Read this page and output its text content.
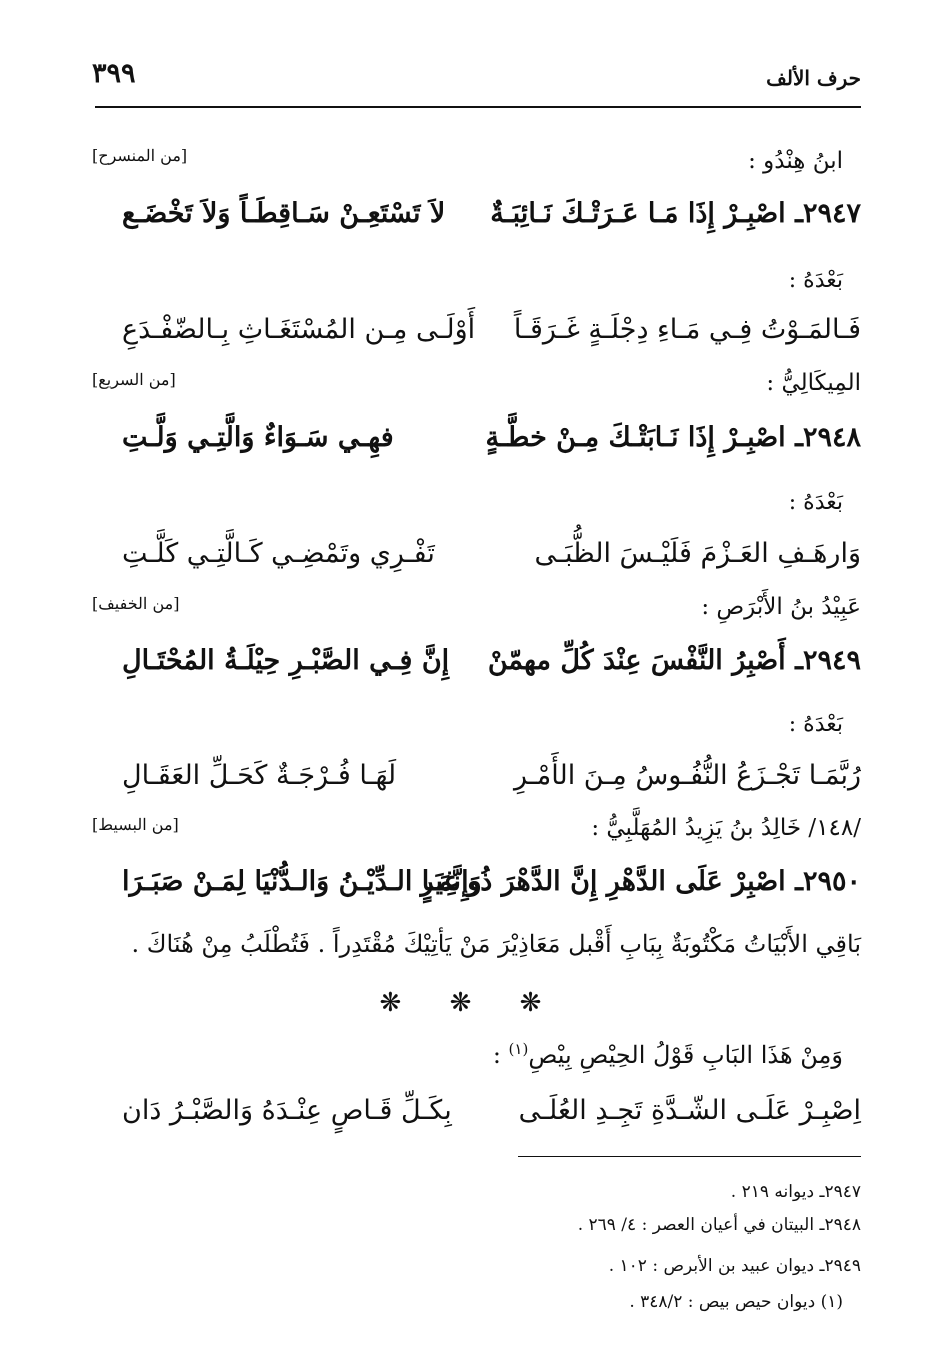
٣٩٩	حرف الألف
ابنُ هِنْدُو :
[من المنسرح]
٢٩٤٧ـ اصْبِـرْ إِذَا مَـا عَـرَتْـكَ نَـائِبَـةٌ
لاَ تَسْتَعِـنْ سَـاقِطَـاً وَلاَ تَخْضَـع
بَعْدَهُ :
فَـالمَـوْتُ فِـي مَـاءِ دِجْلَـةٍ غَـرَقَـاً
أَوْلَـى مِـن المُسْتَغَـاثِ بِـالضّفْـدَعِ
المِيكَالِيُّ :
[من السريع]
٢٩٤٨ـ اصْبِـرْ إِذَا نَـابَتْـكَ مِـنْ خطَّـةٍ
فهِـي سَـوَاءٌ وَالَّتِـي وَلَّـتِ
بَعْدَهُ :
وَارهَـفِ العَـزْمَ فَلَيْـسَ الظُّبَـى
تَفْـرِي وتَمْضِـي كَـالَّتِـي كَلَّـتِ
عَبِيْدُ بنُ الأَبْرَصِ :
[من الخفيف]
٢٩٤٩ـ أَصْبِرُ النَّفْسَ عِنْدَ كُلِّ مهمّنْ
إِنَّ فِـي الصَّبْـرِ حِيْلَـةُ المُحْتَـالِ
بَعْدَهُ :
رُبَّمَـا تَجْـزَعُ النُّفُـوسُ مِـنَ الأَمْـرِ
لَهَـا فُـرْجَـةٌ كَحَـلِّ العَقَـالِ
/١٤٨/ خَالِدُ بنُ يَزِيدُ المُهَلَّبِيُّ :
[من البسيط]
٢٩٥٠ـ اصْبِرْ عَلَى الدَّهْرِ إِنَّ الدَّهْرَ ذُو غِيَرٍ
وَإِنَّمَـا الـدِّيْـنُ وَالـدُّنْيَا لِمَـنْ صَبَـرَا
بَاقِي الأَبْيَاتُ مَكْتُوبَةٌ بِبَابِ أَقْبل مَعَاذِيْرَ مَنْ يَأتِيْكَ مُقْتَدِراً . فَتُطْلَبُ مِنْ هُنَاكَ .
❋ ❋ ❋
وَمِنْ هَذَا البَابِ قَوْلُ الحِيْصِ بِيْصِ$^{(١)}$ :
اِصْبِـرْ عَلَـى الشّـدَّةِ تَجِـدِ العُلَـى
بِكَـلِّ قَـاصٍ عِنْـدَهُ وَالصَّبْـرُ دَان
٢٩٤٧ـ ديوانه ٢١٩ .
٢٩٤٨ـ البيتان في أعيان العصر : ٤/ ٢٦٩ .
٢٩٤٩ـ ديوان عبيد بن الأبرص : ١٠٢ .
(١) ديوان حيص بيص : ٣٤٨/٢ .
